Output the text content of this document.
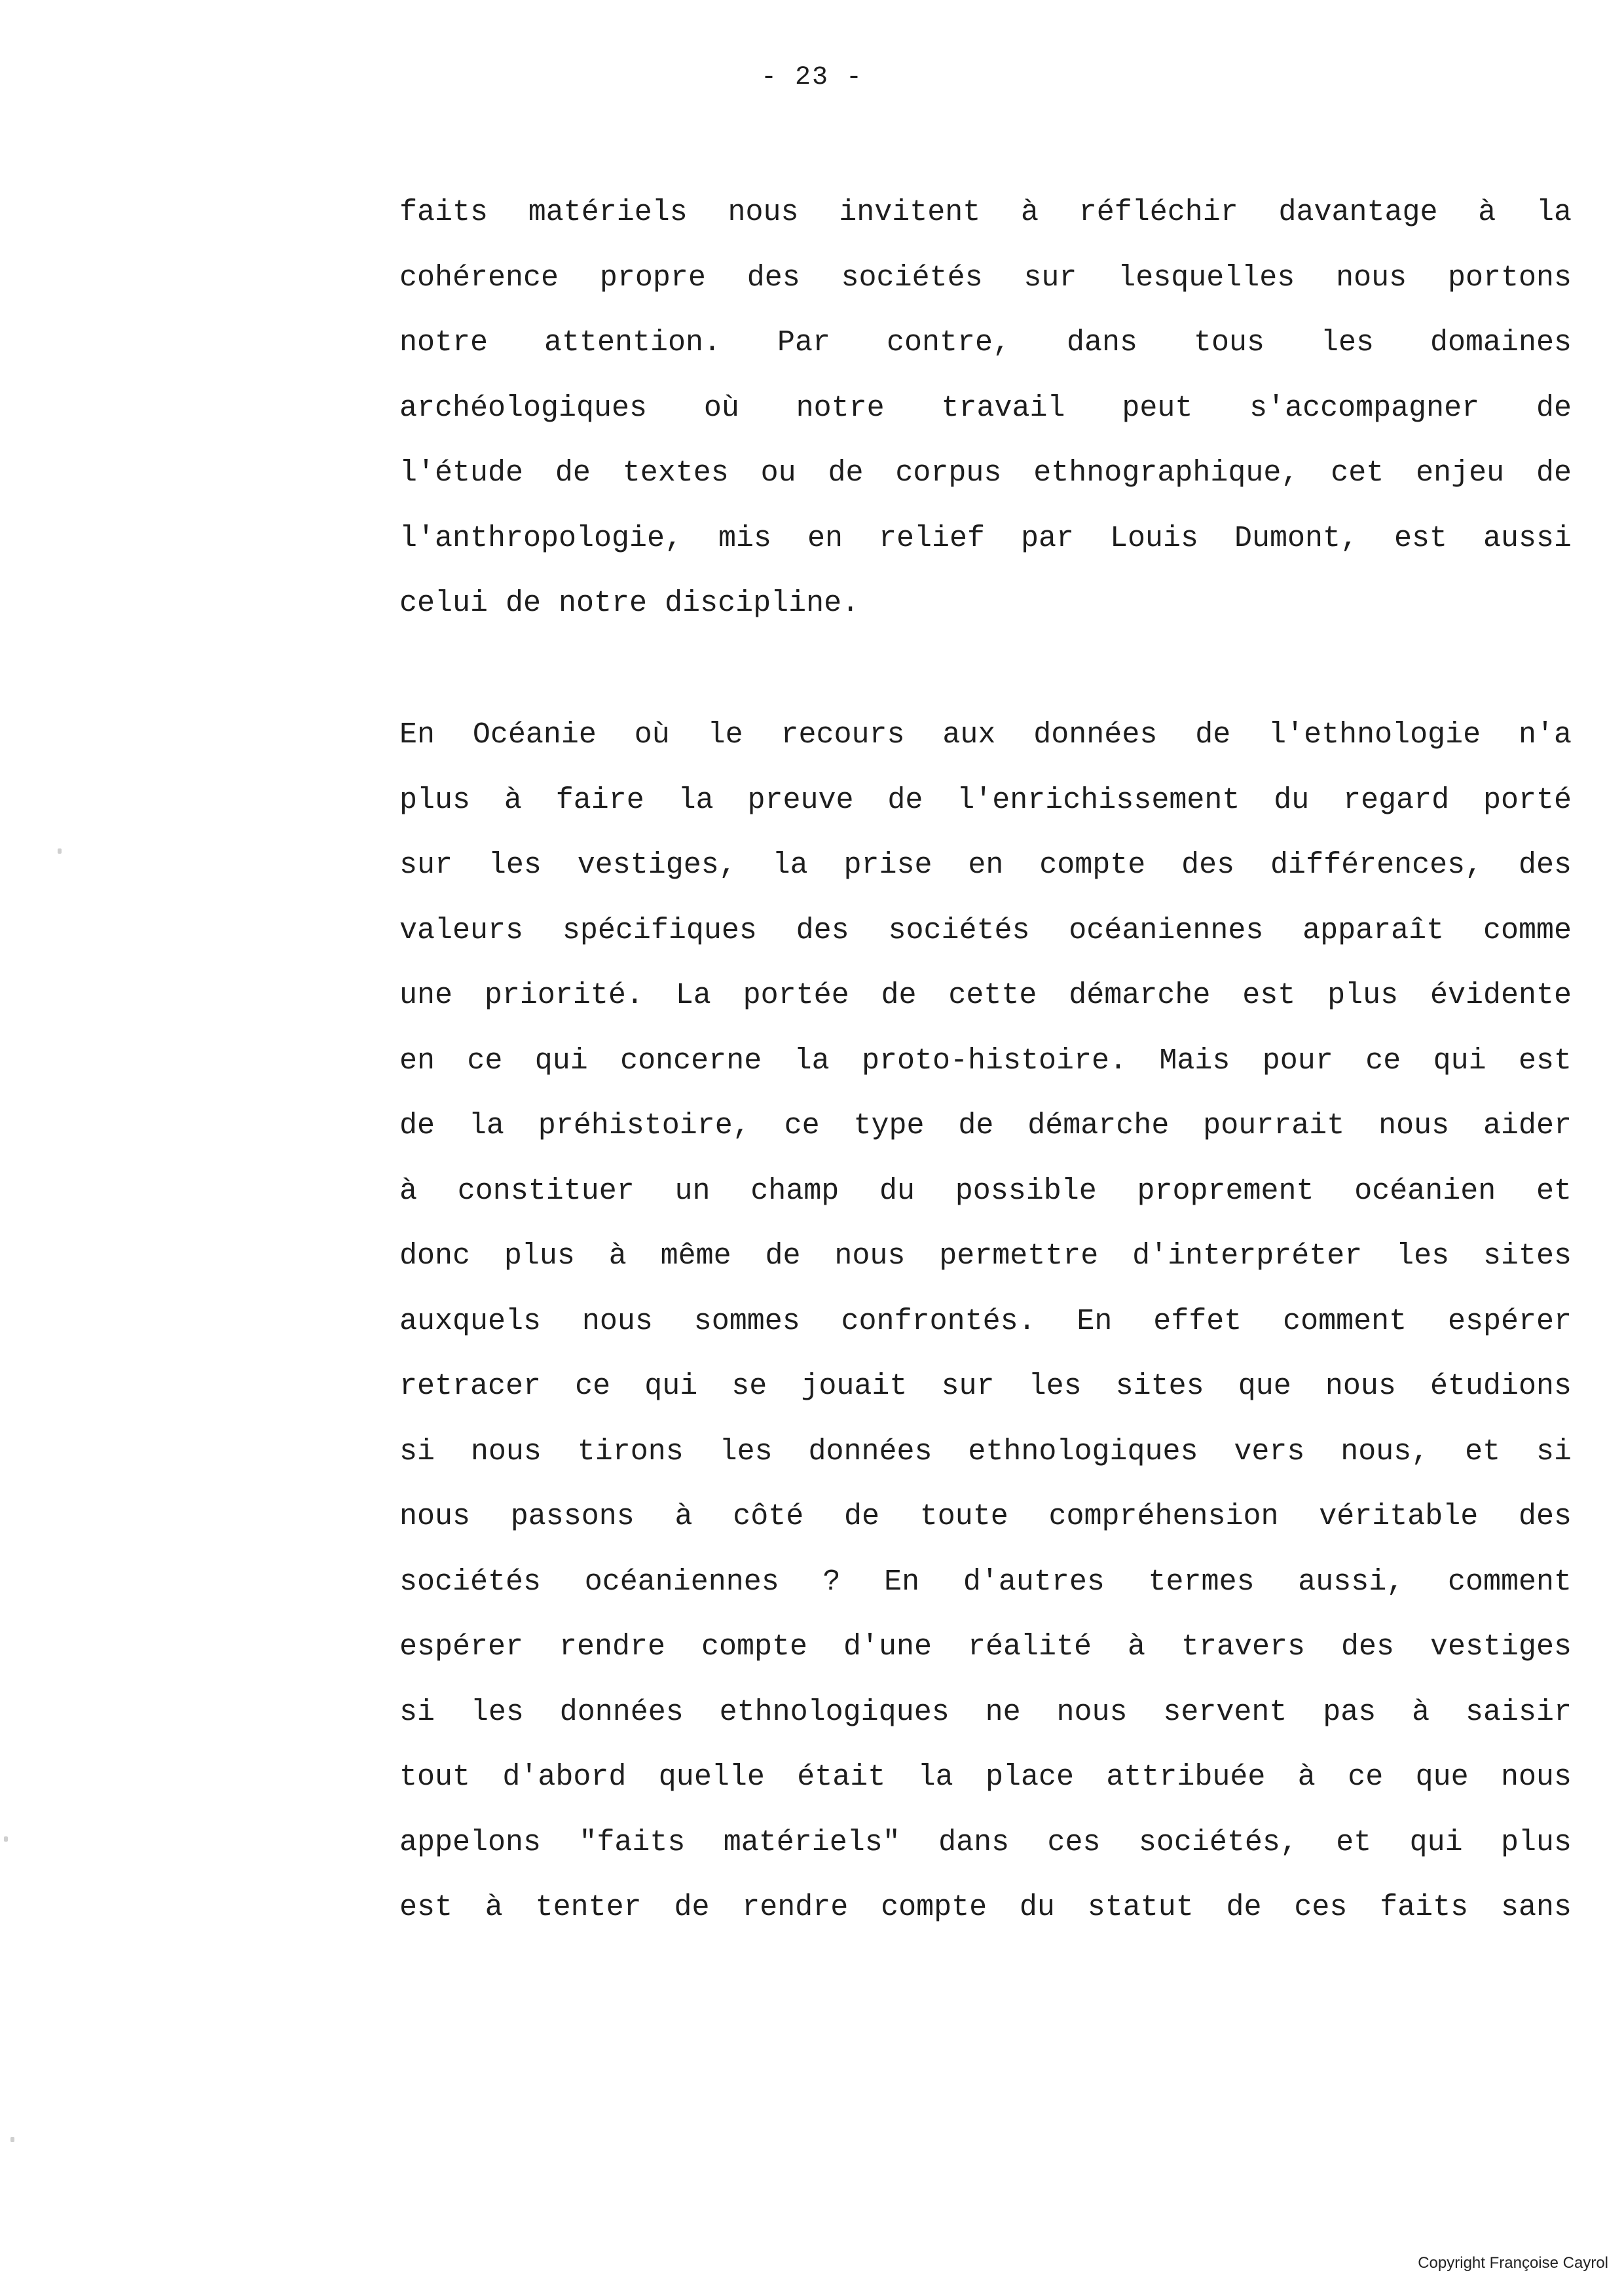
- 23 -
faits matériels nous invitent à réfléchir davantage à la
cohérence propre des sociétés sur lesquelles nous portons
notre attention. Par contre, dans tous les domaines
archéologiques où notre travail peut s'accompagner de
l'étude de textes ou de corpus ethnographique, cet enjeu de
l'anthropologie, mis en relief par Louis Dumont, est aussi
celui de notre discipline.
En Océanie où le recours aux données de l'ethnologie n'a
plus à faire la preuve de l'enrichissement du regard porté
sur les vestiges, la prise en compte des différences, des
valeurs spécifiques des sociétés océaniennes apparaît comme
une priorité. La portée de cette démarche est plus évidente
en ce qui concerne la proto-histoire. Mais pour ce qui est
de la préhistoire, ce type de démarche pourrait nous aider
à constituer un champ du possible proprement océanien et
donc plus à même de nous permettre d'interpréter les sites
auxquels nous sommes confrontés. En effet comment espérer
retracer ce qui se jouait sur les sites que nous étudions
si nous tirons les données ethnologiques vers nous, et si
nous passons à côté de toute compréhension véritable des
sociétés océaniennes ? En d'autres termes aussi, comment
espérer rendre compte d'une réalité à travers des vestiges
si les données ethnologiques ne nous servent pas à saisir
tout d'abord quelle était la place attribuée à ce que nous
appelons "faits matériels" dans ces sociétés, et qui plus
est à tenter de rendre compte du statut de ces faits sans
Copyright Françoise Cayrol
